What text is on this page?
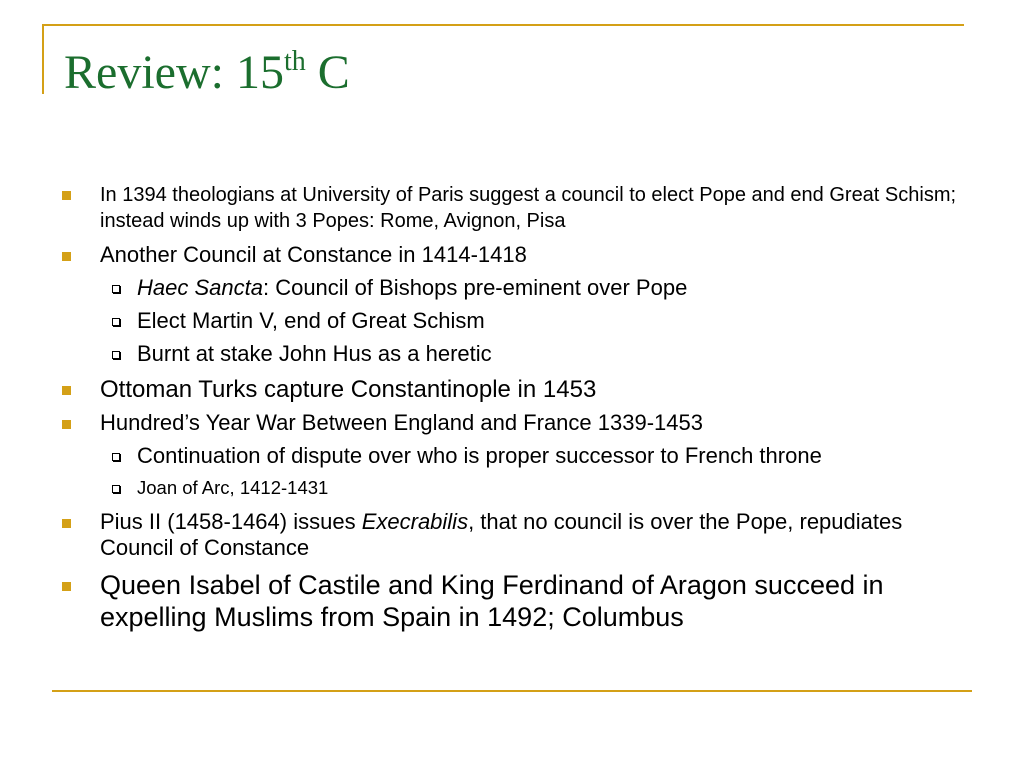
Review: 15th C
In 1394 theologians at University of Paris suggest a council to elect Pope and end Great Schism; instead winds up with 3 Popes: Rome, Avignon, Pisa
Another Council at Constance in 1414-1418
Haec Sancta: Council of Bishops pre-eminent over Pope
Elect Martin V, end of Great Schism
Burnt at stake John Hus as a heretic
Ottoman Turks capture Constantinople in 1453
Hundred’s Year War Between England and France 1339-1453
Continuation of dispute over who is proper successor to French throne
Joan of Arc, 1412-1431
Pius II (1458-1464) issues Execrabilis, that no council is over the Pope, repudiates Council of Constance
Queen Isabel of Castile and King Ferdinand of Aragon succeed in expelling Muslims from Spain in 1492; Columbus
